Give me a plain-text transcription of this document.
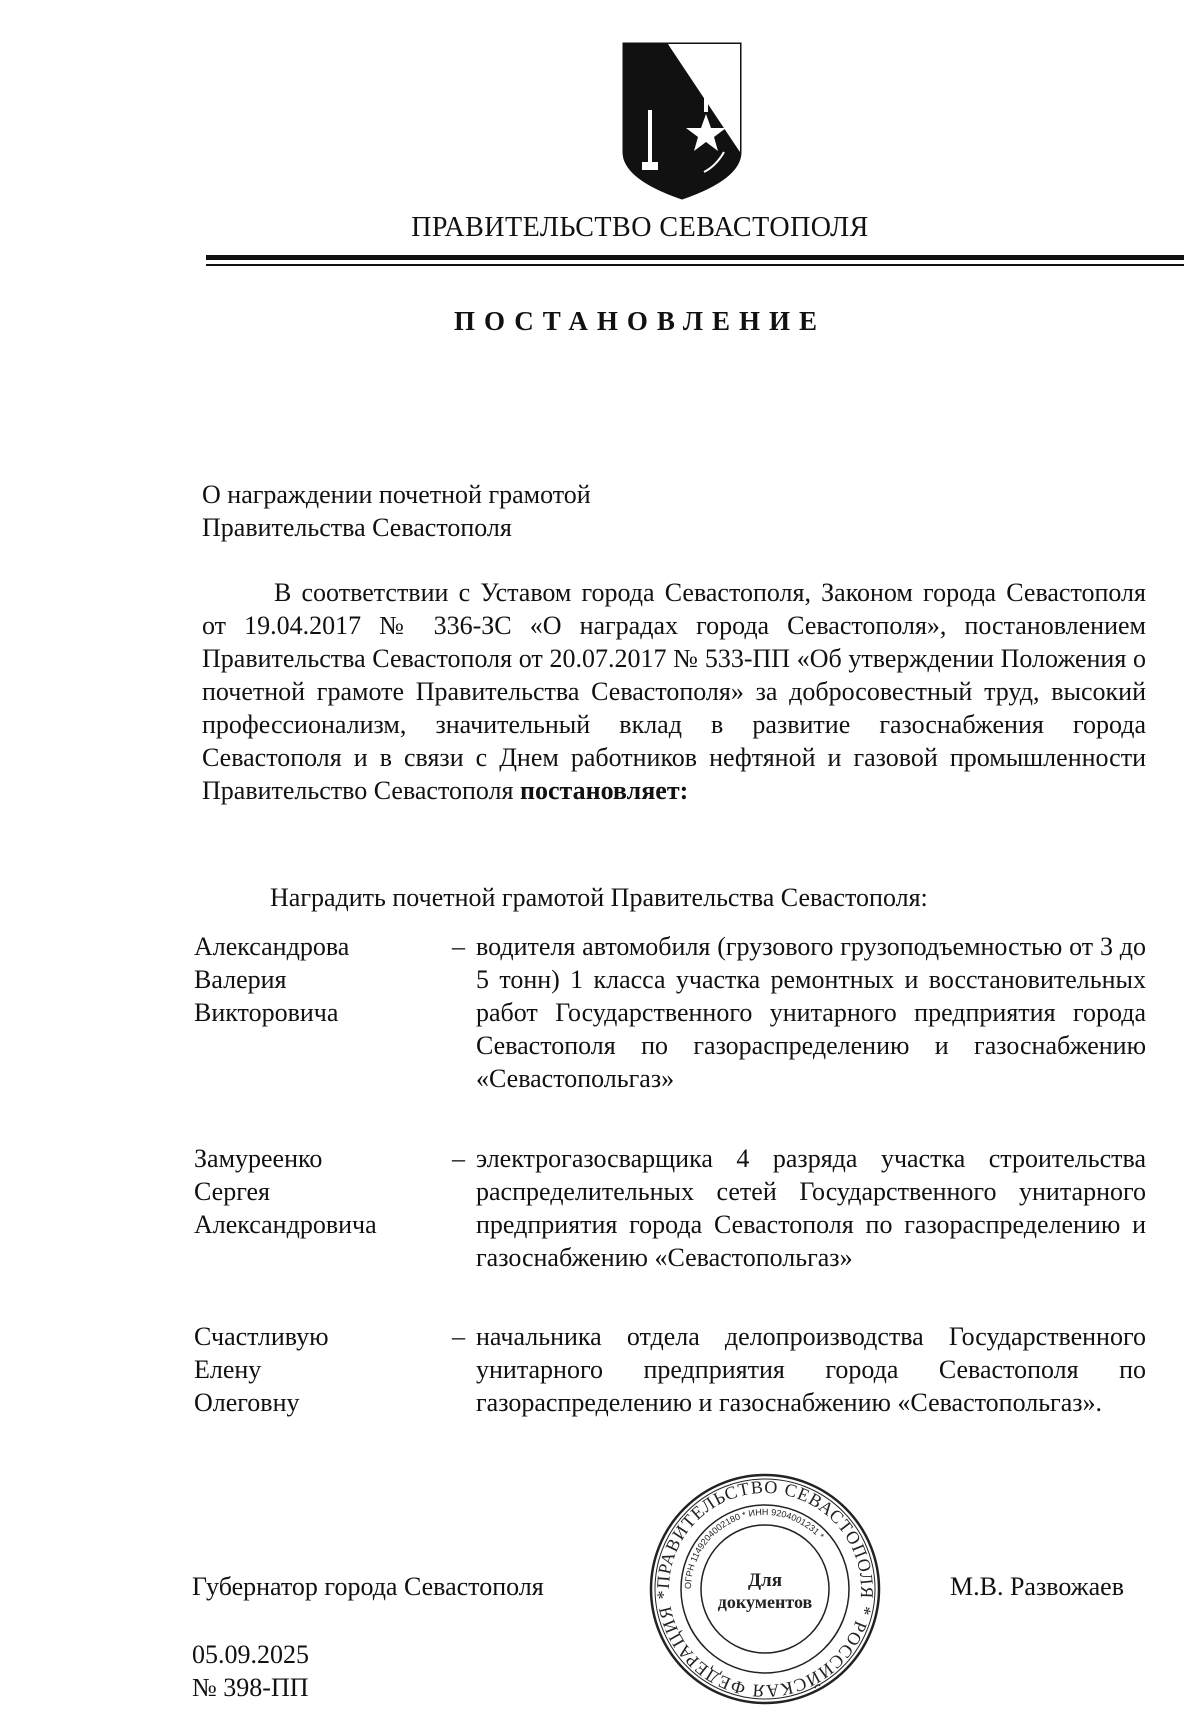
ПРАВИТЕЛЬСТВО СЕВАСТОПОЛЯ
ПОСТАНОВЛЕНИЕ
О награждении почетной грамотой
Правительства Севастополя

В соответствии с Уставом города Севастополя, Законом города Севастополя от 19.04.2017 № 336-ЗС «О наградах города Севастополя», постановлением Правительства Севастополя от 20.07.2017 № 533-ПП «Об утверждении Положения о почетной грамоте Правительства Севастополя» за добросовестный труд, высокий профессионализм, значительный вклад в развитие газоснабжения города Севастополя и в связи с Днем работников нефтяной и газовой промышленности Правительство Севастополя постановляет:

Наградить почетной грамотой Правительства Севастополя:
Александрова
Валерия
Викторовича
– водителя автомобиля (грузового грузоподъемностью от 3 до 5 тонн) 1 класса участка ремонтных и восстановительных работ Государственного унитарного предприятия города Севастополя по газораспределению и газоснабжению «Севастопольгаз»
Замуреенко
Сергея
Александровича
– электрогазосварщика 4 разряда участка строительства распределительных сетей Государственного унитарного предприятия города Севастополя по газораспределению и газоснабжению «Севастопольгаз»
Счастливую
Елену
Олеговну
– начальника отдела делопроизводства Государственного унитарного предприятия города Севастополя по газораспределению и газоснабжению «Севастопольгаз».
Губернатор города Севастополя	ПРАВИТЕЛЬСТВО СЕВАСТОПОЛЯ * РОССИЙСКАЯ ФЕДЕРАЦИЯ *
ОГРН 1149204002180 * ИНН 9204001231 *
Для
документов
М.В. Развожаев
05.09.2025
№ 398-ПП
